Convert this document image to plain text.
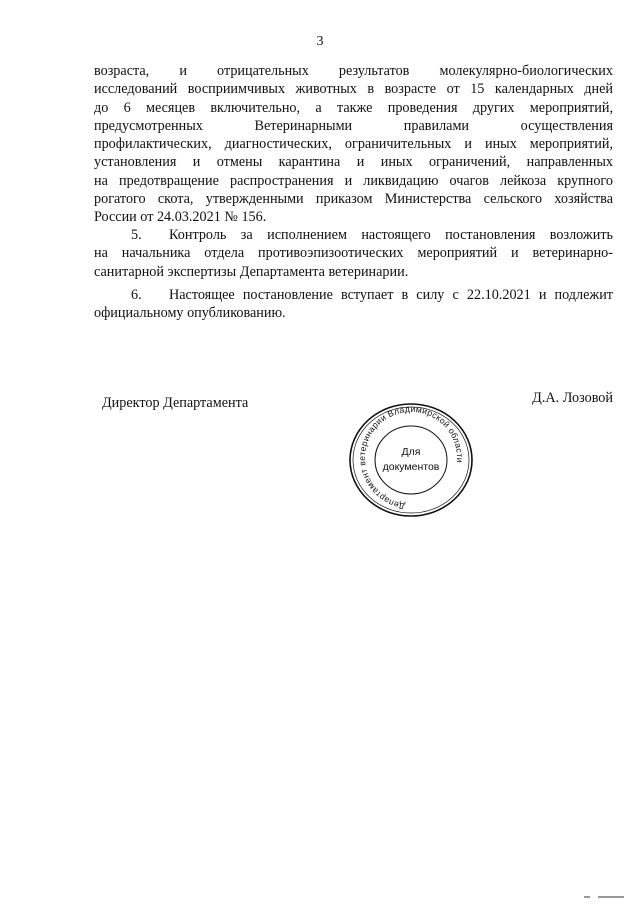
3
возраста, и отрицательных результатов молекулярно-биологических
исследований восприимчивых животных в возрасте от 15 календарных дней
до 6 месяцев включительно, а также проведения других мероприятий,
предусмотренных Ветеринарными правилами осуществления
профилактических, диагностических, ограничительных и иных мероприятий,
установления и отмены карантина и иных ограничений, направленных
на предотвращение распространения и ликвидацию очагов лейкоза крупного
рогатого скота, утвержденными приказом Министерства сельского хозяйства
России от 24.03.2021 № 156.
5. Контроль за исполнением настоящего постановления возложить
на начальника отдела противоэпизоотических мероприятий и ветеринарно-
санитарной экспертизы Департамента ветеринарии.
6. Настоящее постановление вступает в силу с 22.10.2021 и подлежит
официальному опубликованию.
Директор Департамента	Д.А. Лозовой
Департамент ветеринарии Владимирской области
Для
документов
